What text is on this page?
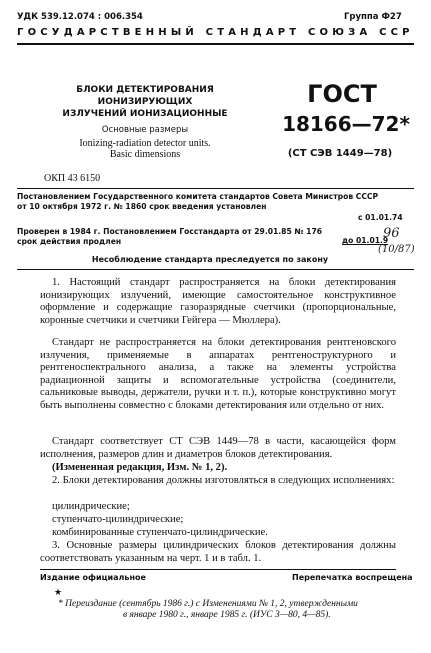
УДК 539.12.074 : 006.354	Группа Ф27
ГОСУДАРСТВЕННЫЙ СТАНДАРТ СОЮЗА ССР
БЛОКИ ДЕТЕКТИРОВАНИЯ ИОНИЗИРУЮЩИХ
ИЗЛУЧЕНИЙ ИОНИЗАЦИОННЫЕ
Основные размеры
Ionizing-radiation detector units.
Basic dimensions
ОКП 43 6150
ГОСТ
18166—72*
(СТ СЭВ 1449—78)
Постановлением Государственного комитета стандартов Совета Министров СССР
от 10 октября 1972 г. № 1860 срок введения установлен
с 01.01.74
Проверен в 1984 г. Постановлением Госстандарта от 29.01.85 № 176
срок действия продлен	до 01.01.9
96
(10/87)
Несоблюдение стандарта преследуется по закону
1. Настоящий стандарт распространяется на блоки детектирования ионизирующих излучений, имеющие самостоятельное конструктивное оформление и содержащие газоразрядные счетчики (пропорциональные, коронные счетчики и счетчики Гейгера — Мюллера).
Стандарт не распространяется на блоки детектирования рентгеновского излучения, применяемые в аппаратах рентгеноструктурного и рентгеноспектрального анализа, а также на элементы устройства радиационной защиты и вспомогательные устройства (соединители, сальниковые выводы, держатели, ручки и т. п.), которые конструктивно могут быть выполнены совместно с блоками детектирования или отдельно от них.
Стандарт соответствует СТ СЭВ 1449—78 в части, касающейся форм исполнения, размеров длин и диаметров блоков детектирования.
(Измененная редакция, Изм. № 1, 2).
2. Блоки детектирования должны изготовляться в следующих исполнениях:
цилиндрические;
ступенчато-цилиндрические;
комбинированные ступенчато-цилиндрические.
3. Основные размеры цилиндрических блоков детектирования должны соответствовать указанным на черт. 1 и в табл. 1.
Издание официальное	Перепечатка воспрещена
★
* Переиздание (сентябрь 1986 г.) с Изменениями № 1, 2, утвержденными
в январе 1980 г., январе 1985 г. (ИУС 3—80, 4—85).
